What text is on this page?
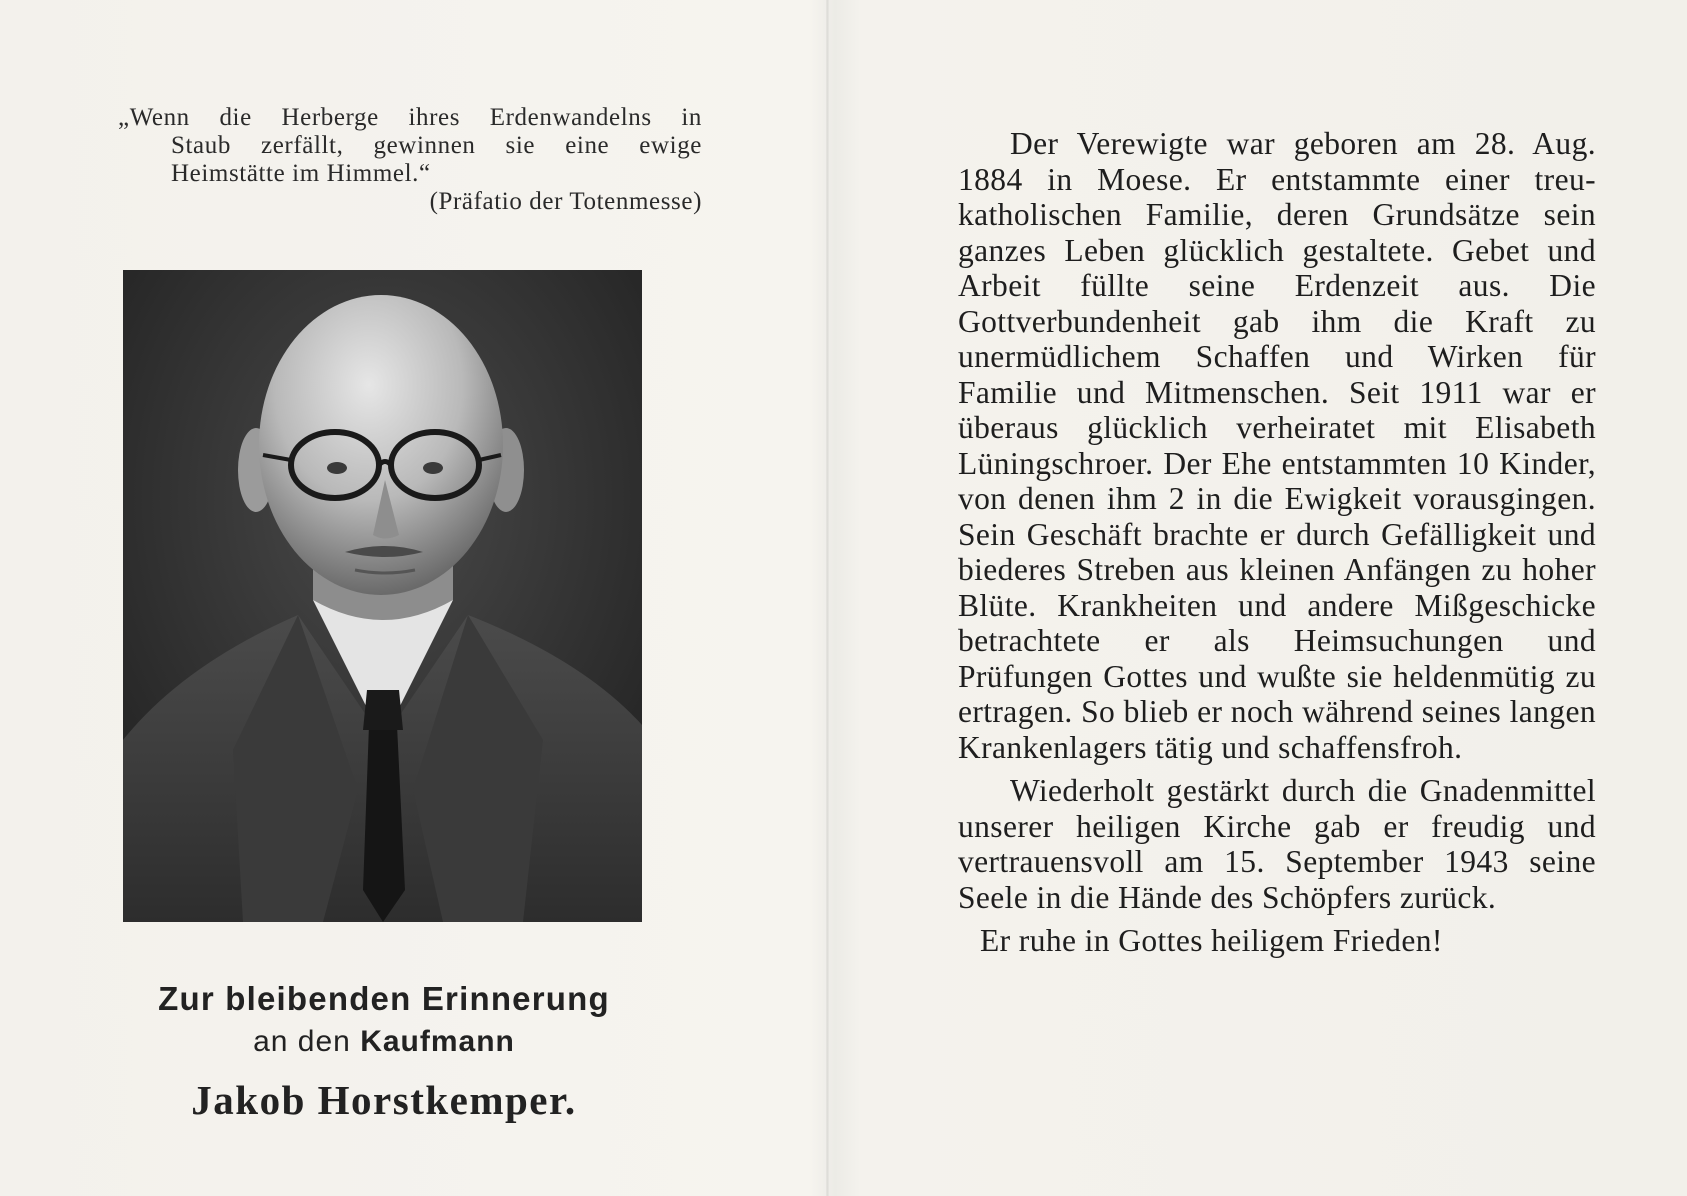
„Wenn die Herberge ihres Erdenwandelns in
Staub zerfällt, gewinnen sie eine ewige
Heimstätte im Himmel.“
(Präfatio der Totenmesse)
Zur bleibenden Erinnerung
an den Kaufmann
Jakob Horstkemper.

Der Verewigte war geboren am 28. Aug. 1884 in Moese. Er entstammte einer treu-katholischen Familie, deren Grundsätze sein ganzes Leben glücklich gestaltete. Gebet und Arbeit füllte seine Erdenzeit aus. Die Gottverbundenheit gab ihm die Kraft zu unermüdlichem Schaffen und Wirken für Familie und Mitmenschen. Seit 1911 war er überaus glücklich verheiratet mit Elisabeth Lüningschroer. Der Ehe entstammten 10 Kinder, von denen ihm 2 in die Ewigkeit vorausgingen. Sein Geschäft brachte er durch Gefälligkeit und biederes Streben aus kleinen Anfängen zu hoher Blüte. Krankheiten und andere Mißgeschicke betrachtete er als Heimsuchungen und Prüfungen Gottes und wußte sie heldenmütig zu ertragen. So blieb er noch während seines langen Krankenlagers tätig und schaffensfroh.

Wiederholt gestärkt durch die Gnadenmittel unserer heiligen Kirche gab er freudig und vertrauensvoll am 15. September 1943 seine Seele in die Hände des Schöpfers zurück.

Er ruhe in Gottes heiligem Frieden!
